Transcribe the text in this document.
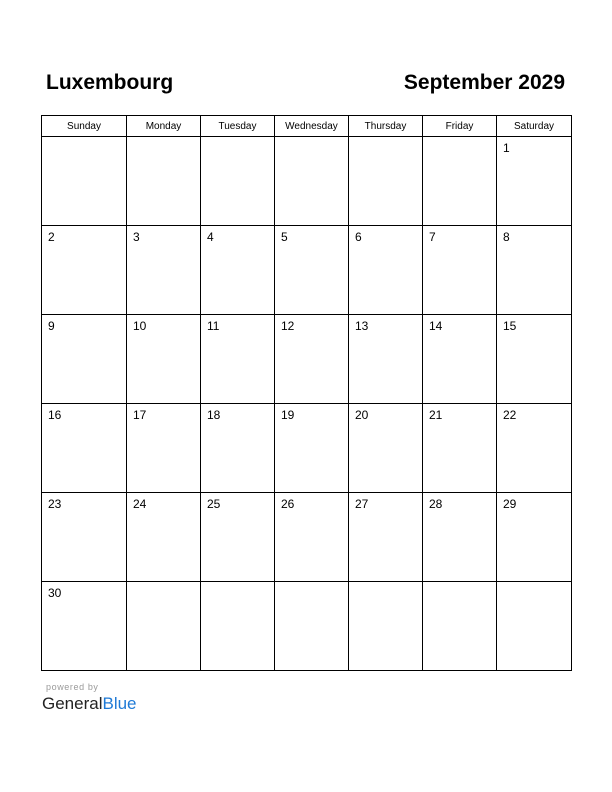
Luxembourg	September 2029
Sunday	Monday	Tuesday	Wednesday	Thursday	Friday	Saturday

						1

2	3	4	5	6	7	8

9	10	11	12	13	14	15

16	17	18	19	20	21	22

23	24	25	26	27	28	29

30						

powered by
GeneralBlue
